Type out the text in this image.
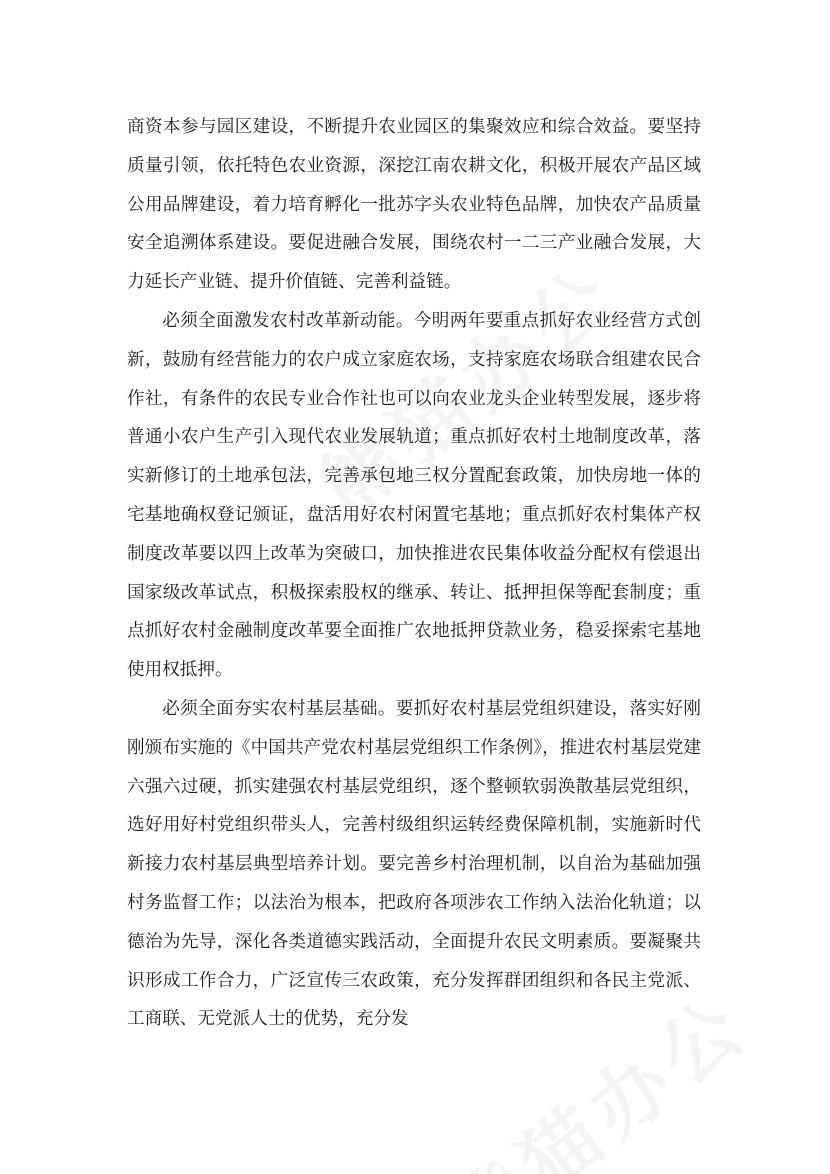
商资本参与园区建设，不断提升农业园区的集聚效应和综合效益。要坚持质量引领，依托特色农业资源，深挖江南农耕文化，积极开展农产品区域公用品牌建设，着力培育孵化一批苏字头农业特色品牌，加快农产品质量安全追溯体系建设。要促进融合发展，围绕农村一二三产业融合发展，大力延长产业链、提升价值链、完善利益链。

必须全面激发农村改革新动能。今明两年要重点抓好农业经营方式创新，鼓励有经营能力的农户成立家庭农场，支持家庭农场联合组建农民合作社，有条件的农民专业合作社也可以向农业龙头企业转型发展，逐步将普通小农户生产引入现代农业发展轨道；重点抓好农村土地制度改革，落实新修订的土地承包法，完善承包地三权分置配套政策，加快房地一体的宅基地确权登记颁证，盘活用好农村闲置宅基地；重点抓好农村集体产权制度改革要以四上改革为突破口，加快推进农民集体收益分配权有偿退出国家级改革试点，积极探索股权的继承、转让、抵押担保等配套制度；重点抓好农村金融制度改革要全面推广农地抵押贷款业务，稳妥探索宅基地使用权抵押。

必须全面夯实农村基层基础。要抓好农村基层党组织建设，落实好刚刚颁布实施的《中国共产党农村基层党组织工作条例》，推进农村基层党建六强六过硬，抓实建强农村基层党组织，逐个整顿软弱涣散基层党组织，选好用好村党组织带头人，完善村级组织运转经费保障机制，实施新时代新接力农村基层典型培养计划。要完善乡村治理机制，以自治为基础加强村务监督工作；以法治为根本，把政府各项涉农工作纳入法治化轨道；以德治为先导，深化各类道德实践活动，全面提升农民文明素质。要凝聚共识形成工作合力，广泛宣传三农政策，充分发挥群团组织和各民主党派、工商联、无党派人士的优势，充分发
